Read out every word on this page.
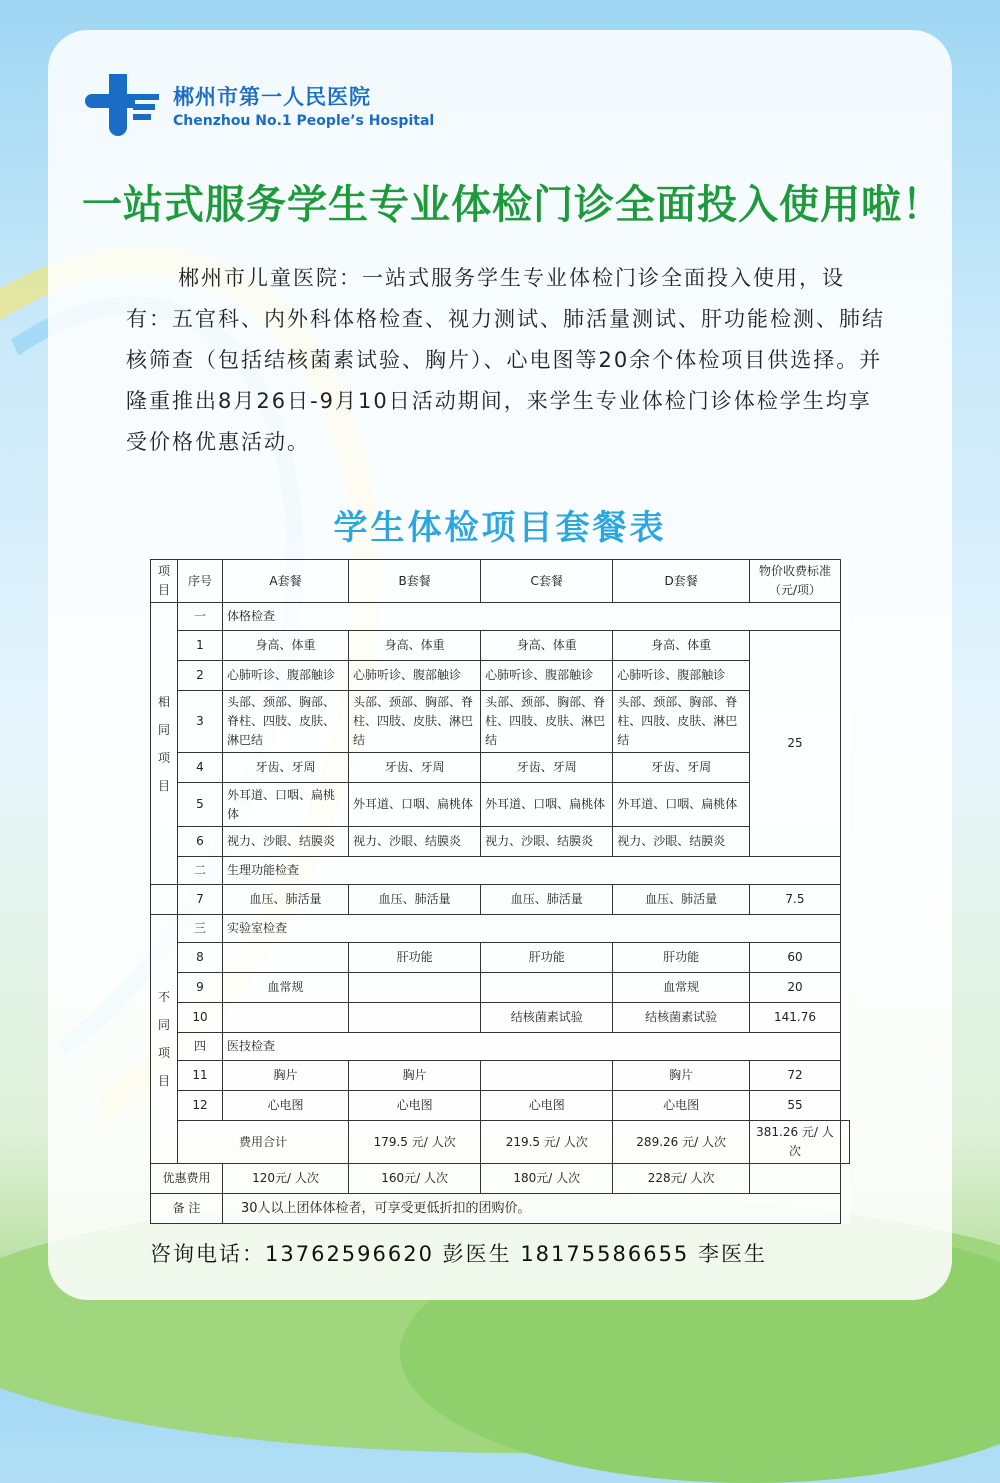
郴州市第一人民医院
Chenzhou No.1 People’s Hospital
一站式服务学生专业体检门诊全面投入使用啦！
郴州市儿童医院：一站式服务学生专业体检门诊全面投入使用，设有：五官科、内外科体格检查、视力测试、肺活量测试、肝功能检测、肺结核筛查（包括结核菌素试验、胸片）、心电图等20余个体检项目供选择。并隆重推出8月26日-9月10日活动期间，来学生专业体检门诊体检学生均享受价格优惠活动。
学生体检项目套餐表
项目	序号	A套餐	B套餐	C套餐	D套餐	物价收费标准（元/项）	
相同项目	一	体格检查					
	1	身高、体重	身高、体重	身高、体重	身高、体重	25	
	2	心肺听诊、腹部触诊	心肺听诊、腹部触诊	心肺听诊、腹部触诊	心肺听诊、腹部触诊		
	3	头部、颈部、胸部、脊柱、四肢、皮肤、淋巴结	头部、颈部、胸部、脊柱、四肢、皮肤、淋巴结	头部、颈部、胸部、脊柱、四肢、皮肤、淋巴结	头部、颈部、胸部、脊柱、四肢、皮肤、淋巴结		
	4	牙齿、牙周	牙齿、牙周	牙齿、牙周	牙齿、牙周		
	5	外耳道、口咽、扁桃体	外耳道、口咽、扁桃体	外耳道、口咽、扁桃体	外耳道、口咽、扁桃体		
	6	视力、沙眼、结膜炎	视力、沙眼、结膜炎	视力、沙眼、结膜炎	视力、沙眼、结膜炎		
	二	生理功能检查					
	7	血压、肺活量	血压、肺活量	血压、肺活量	血压、肺活量	7.5	
不同项目	三	实验室检查					
	8		肝功能	肝功能	肝功能	60	
	9	血常规			血常规	20	
	10			结核菌素试验	结核菌素试验	141.76	
	四	医技检查					
	11	胸片	胸片		胸片	72	
	12	心电图	心电图	心电图	心电图	55	
	费用合计		179.5 元/ 人次	219.5 元/ 人次	289.26 元/ 人次	381.26 元/ 人次	
优惠费用		120元/ 人次	160元/ 人次	180元/ 人次	228元/ 人次		
备 注		30人以上团体体检者，可享受更低折扣的团购价。					
咨询电话：13762596620 彭医生 18175586655 李医生
